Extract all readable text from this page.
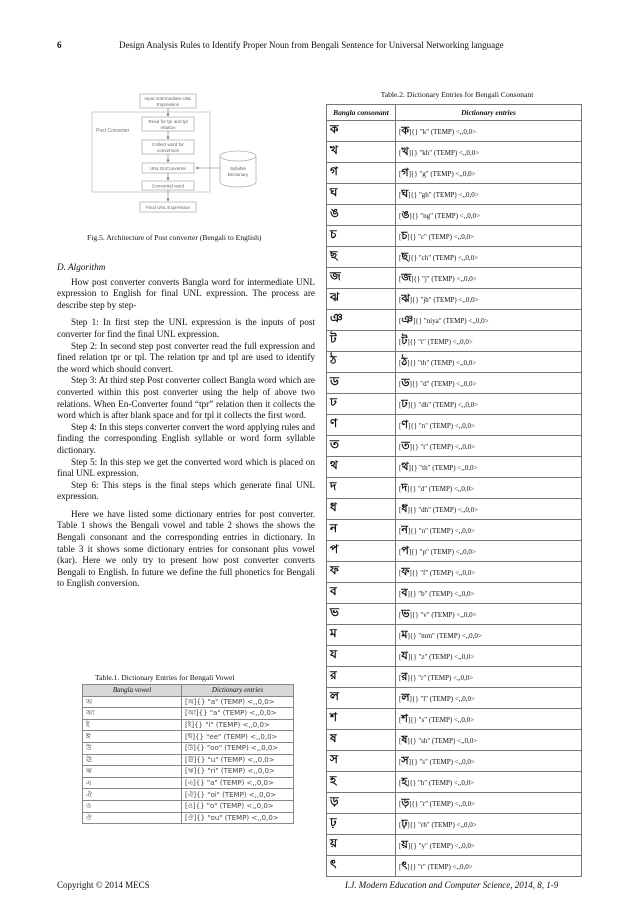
6	Design Analysis Rules to Identify Proper Noun from Bengali Sentence for Universal Networking language
Post Converter
Input intermediate UNL
Expression
Read for tpr and tpl
relation
Collect word for
conversion
UNL EnConverter
Converted word
Final UNL Expression
Syllable
Dictionary
Fig.5. Architecture of Post converter (Bengali to English)

D. Algorithm

How post converter converts Bangla word for intermediate UNL expression to English for final UNL expression. The process are describe step by step-

Step 1: In first step the UNL expression is the inputs of post converter for find the final UNL expression.

Step 2: In second step post converter read the full expression and fined relation tpr or tpl. The relation tpr and tpl are used to identify the word which should convert.

Step 3: At third step Post converter collect Bangla word which are converted within this post converter using the help of above two relations. When En-Converter found “tpr” relation then it collects the word which is after blank space and for tpl it collects the first word.

Step 4: In this steps converter convert the word applying rules and finding the corresponding English syllable or word form syllable dictionary.

Step 5: In this step we get the converted word which is placed on final UNL expression.

Step 6: This steps is the final steps which generate final UNL expression.

Here we have listed some dictionary entries for post converter. Table 1 shows the Bengali vowel and table 2 shows the shows the Bengali consonant and the corresponding entries in dictionary. In table 3 it shows some dictionary entries for consonant plus vowel (kar). Here we only try to present how post converter converts Bengali to English. In future we define the full phonetics for Bengali to English conversion.

Table.1. Dictionary Entries for Bengali Vowel
Bangla vowel	Dictionary entries
অ	[অ]{} "a" (TEMP) <,,0,0>
আ	[আ]{} "a" (TEMP) <,,0,0>
ই	[ই]{} "i" (TEMP) <,,0,0>
ঈ	[ঈ]{} "ee" (TEMP) <,,0,0>
উ	[উ]{} "oo" (TEMP) <,,0,0>
ঊ	[ঊ]{} "u" (TEMP) <,,0,0>
ঋ	[ঋ]{} "ri" (TEMP) <,,0,0>
এ	[এ]{} "a" (TEMP) <,,0,0>
ঐ	[ঐ]{} "oi" (TEMP) <,,0,0>
ও	[ও]{} "o" (TEMP) <,,0,0>
ঔ	[ঔ]{} "ou" (TEMP) <,,0,0>
Table.2. Dictionary Entries for Bengali Consonant
Bangla consonant	Dictionary entries
ক	[ক]{} "k" (TEMP) <,,0,0>
খ	[খ]{} "kh" (TEMP) <,,0,0>
গ	[গ]{} "g" (TEMP) <,,0,0>
ঘ	[ঘ]{} "gh" (TEMP) <,,0,0>
ঙ	[ঙ]{} "ng" (TEMP) <,,0,0>
চ	[চ]{} "c" (TEMP) <,,0,0>
ছ	[ছ]{} "ch" (TEMP) <,,0,0>
জ	[জ]{} "j" (TEMP) <,,0,0>
ঝ	[ঝ]{} "jh" (TEMP) <,,0,0>
ঞ	[ঞ]{} "niya" (TEMP) <,,0,0>
ট	[ট]{} "t" (TEMP) <,,0,0>
ঠ	[ঠ]{} "th" (TEMP) <,,0,0>
ড	[ড]{} "d" (TEMP) <,,0,0>
ঢ	[ঢ]{} "dh" (TEMP) <,,0,0>
ণ	[ণ]{} "n" (TEMP) <,,0,0>
ত	[ত]{} "t" (TEMP) <,,0,0>
থ	[থ]{} "th" (TEMP) <,,0,0>
দ	[দ]{} "d" (TEMP) <,,0,0>
ধ	[ধ]{} "dh" (TEMP) <,,0,0>
ন	[ন]{} "n" (TEMP) <,,0,0>
প	[প]{} "p" (TEMP) <,,0,0>
ফ	[ফ]{} "f" (TEMP) <,,0,0>
ব	[ব]{} "b" (TEMP) <,,0,0>
ভ	[ভ]{} "v" (TEMP) <,,0,0>
ম	[ম]{} "mm" (TEMP) <,,0,0>
য	[য]{} "z" (TEMP) <,,0,0>
র	[র]{} "r" (TEMP) <,,0,0>
ল	[ল]{} "l" (TEMP) <,,0,0>
শ	[শ]{} "s" (TEMP) <,,0,0>
ষ	[ষ]{} "sh" (TEMP) <,,0,0>
স	[স]{} "s" (TEMP) <,,0,0>
হ	[হ]{} "h" (TEMP) <,,0,0>
ড়	[ড়]{} "r" (TEMP) <,,0,0>
ঢ়	[ঢ়]{} "rh" (TEMP) <,,0,0>
য়	[য়]{} "y" (TEMP) <,,0,0>
ৎ	[ৎ]{} "t" (TEMP) <,,0,0>
Copyright © 2014 MECS	I.J. Modern Education and Computer Science, 2014, 8, 1-9
